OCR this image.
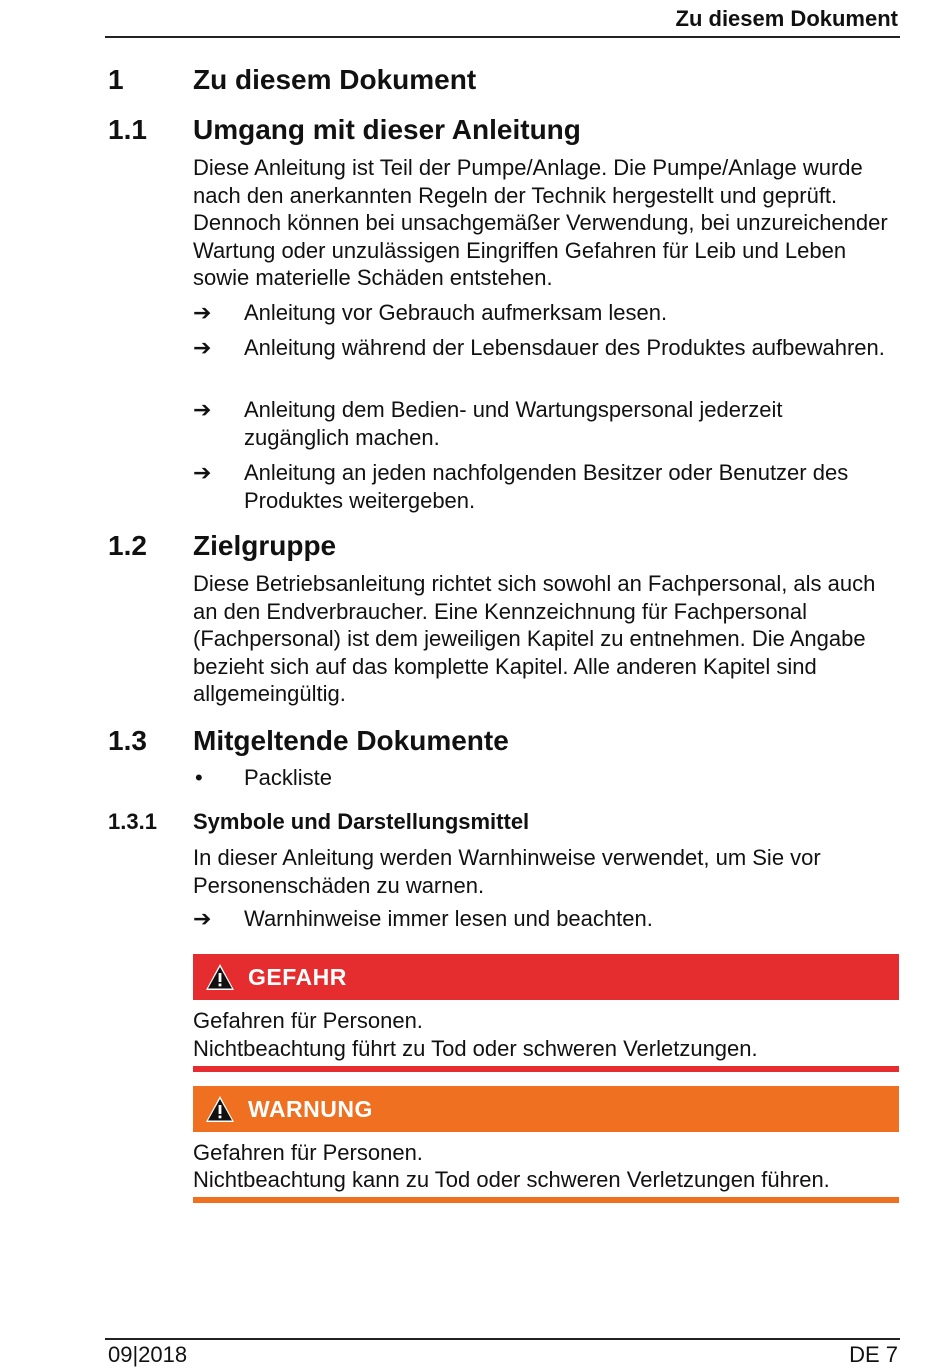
Zu diesem Dokument
1 Zu diesem Dokument
1.1 Umgang mit dieser Anleitung
Diese Anleitung ist Teil der Pumpe/Anlage. Die Pumpe/Anlage wurde nach den anerkannten Regeln der Technik hergestellt und geprüft. Dennoch können bei unsachgemäßer Verwendung, bei unzureichender Wartung oder unzulässigen Eingriffen Gefahren für Leib und Leben sowie materielle Schäden entstehen.
➔	Anleitung vor Gebrauch aufmerksam lesen.
➔	Anleitung während der Lebensdauer des Produktes aufbewahren.
➔	Anleitung dem Bedien- und Wartungspersonal jederzeit zugänglich machen.
➔	Anleitung an jeden nachfolgenden Besitzer oder Benutzer des Produktes weitergeben.
1.2 Zielgruppe
Diese Betriebsanleitung richtet sich sowohl an Fachpersonal, als auch an den Endverbraucher. Eine Kennzeichnung für Fachpersonal (Fachpersonal) ist dem jeweiligen Kapitel zu entnehmen. Die Angabe bezieht sich auf das komplette Kapitel. Alle anderen Kapitel sind allgemeingültig.
1.3 Mitgeltende Dokumente
•	Packliste
1.3.1 Symbole und Darstellungsmittel
In dieser Anleitung werden Warnhinweise verwendet, um Sie vor Personenschäden zu warnen.
➔	Warnhinweise immer lesen und beachten.
GEFAHR
Gefahren für Personen.
Nichtbeachtung führt zu Tod oder schweren Verletzungen.
WARNUNG
Gefahren für Personen.
Nichtbeachtung kann zu Tod oder schweren Verletzungen führen.
09|2018	DE 7
